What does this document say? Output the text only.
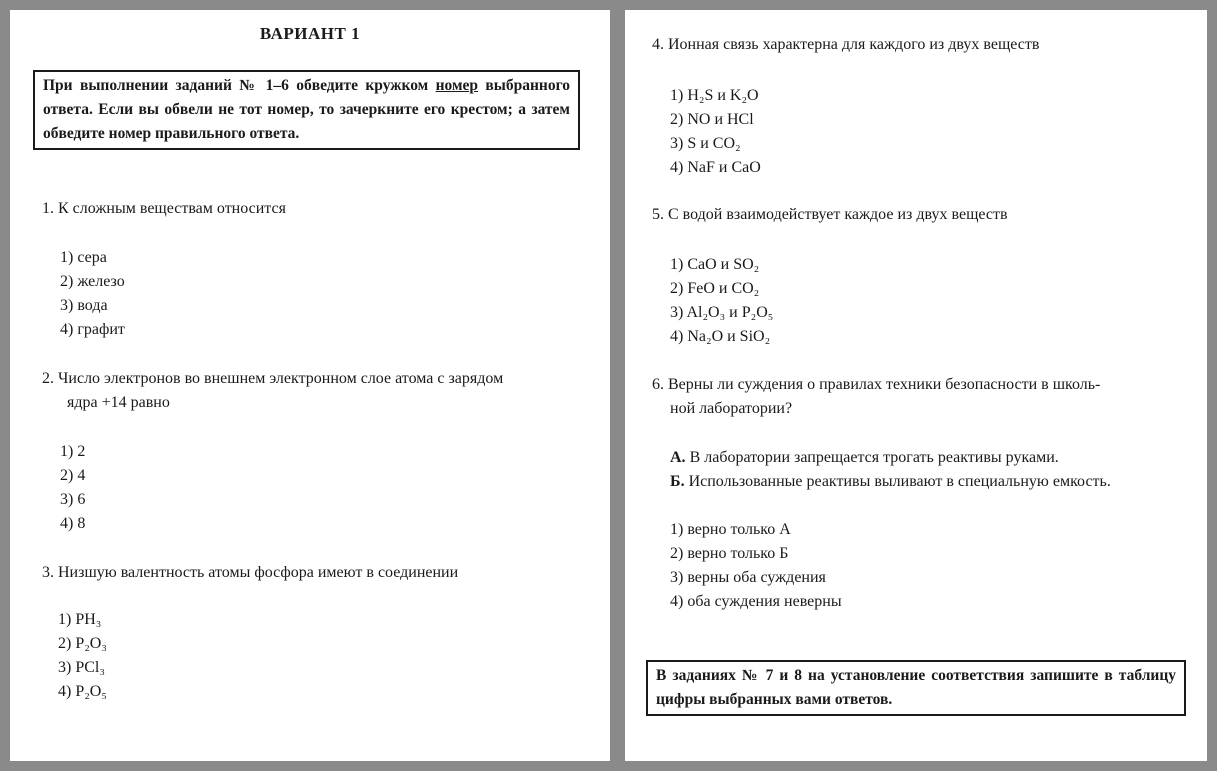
ВАРИАНТ 1
При выполнении заданий № 1–6 обведите кружком номер выбранного ответа. Если вы обвели не тот номер, то зачеркните его крестом; а затем обведите номер правильного ответа.

1. К сложным веществам относится

1) сера
2) железо
3) вода
4) графит

2. Число электронов во внешнем электронном слое атома с зарядом

ядра +14 равно

1) 2
2) 4
3) 6
4) 8

3. Низшую валентность атомы фосфора имеют в соединении

1) PH₃
2) P₂O₃
3) PCl₃
4) P₂O₅

4. Ионная связь характерна для каждого из двух веществ

1) H₂S и K₂O
2) NO и HCl
3) S и CO₂
4) NaF и CaO

5. С водой взаимодействует каждое из двух веществ

1) CaO и SO₂
2) FeO и CO₂
3) Al₂O₃ и P₂O₅
4) Na₂O и SiO₂

6. Верны ли суждения о правилах техники безопасности в школь-

ной лаборатории?

А. В лаборатории запрещается трогать реактивы руками.

Б. Использованные реактивы выливают в специальную емкость.

1) верно только А
2) верно только Б
3) верны оба суждения
4) оба суждения неверны
В заданиях № 7 и 8 на установление соответствия запишите в таблицу цифры выбранных вами ответов.
